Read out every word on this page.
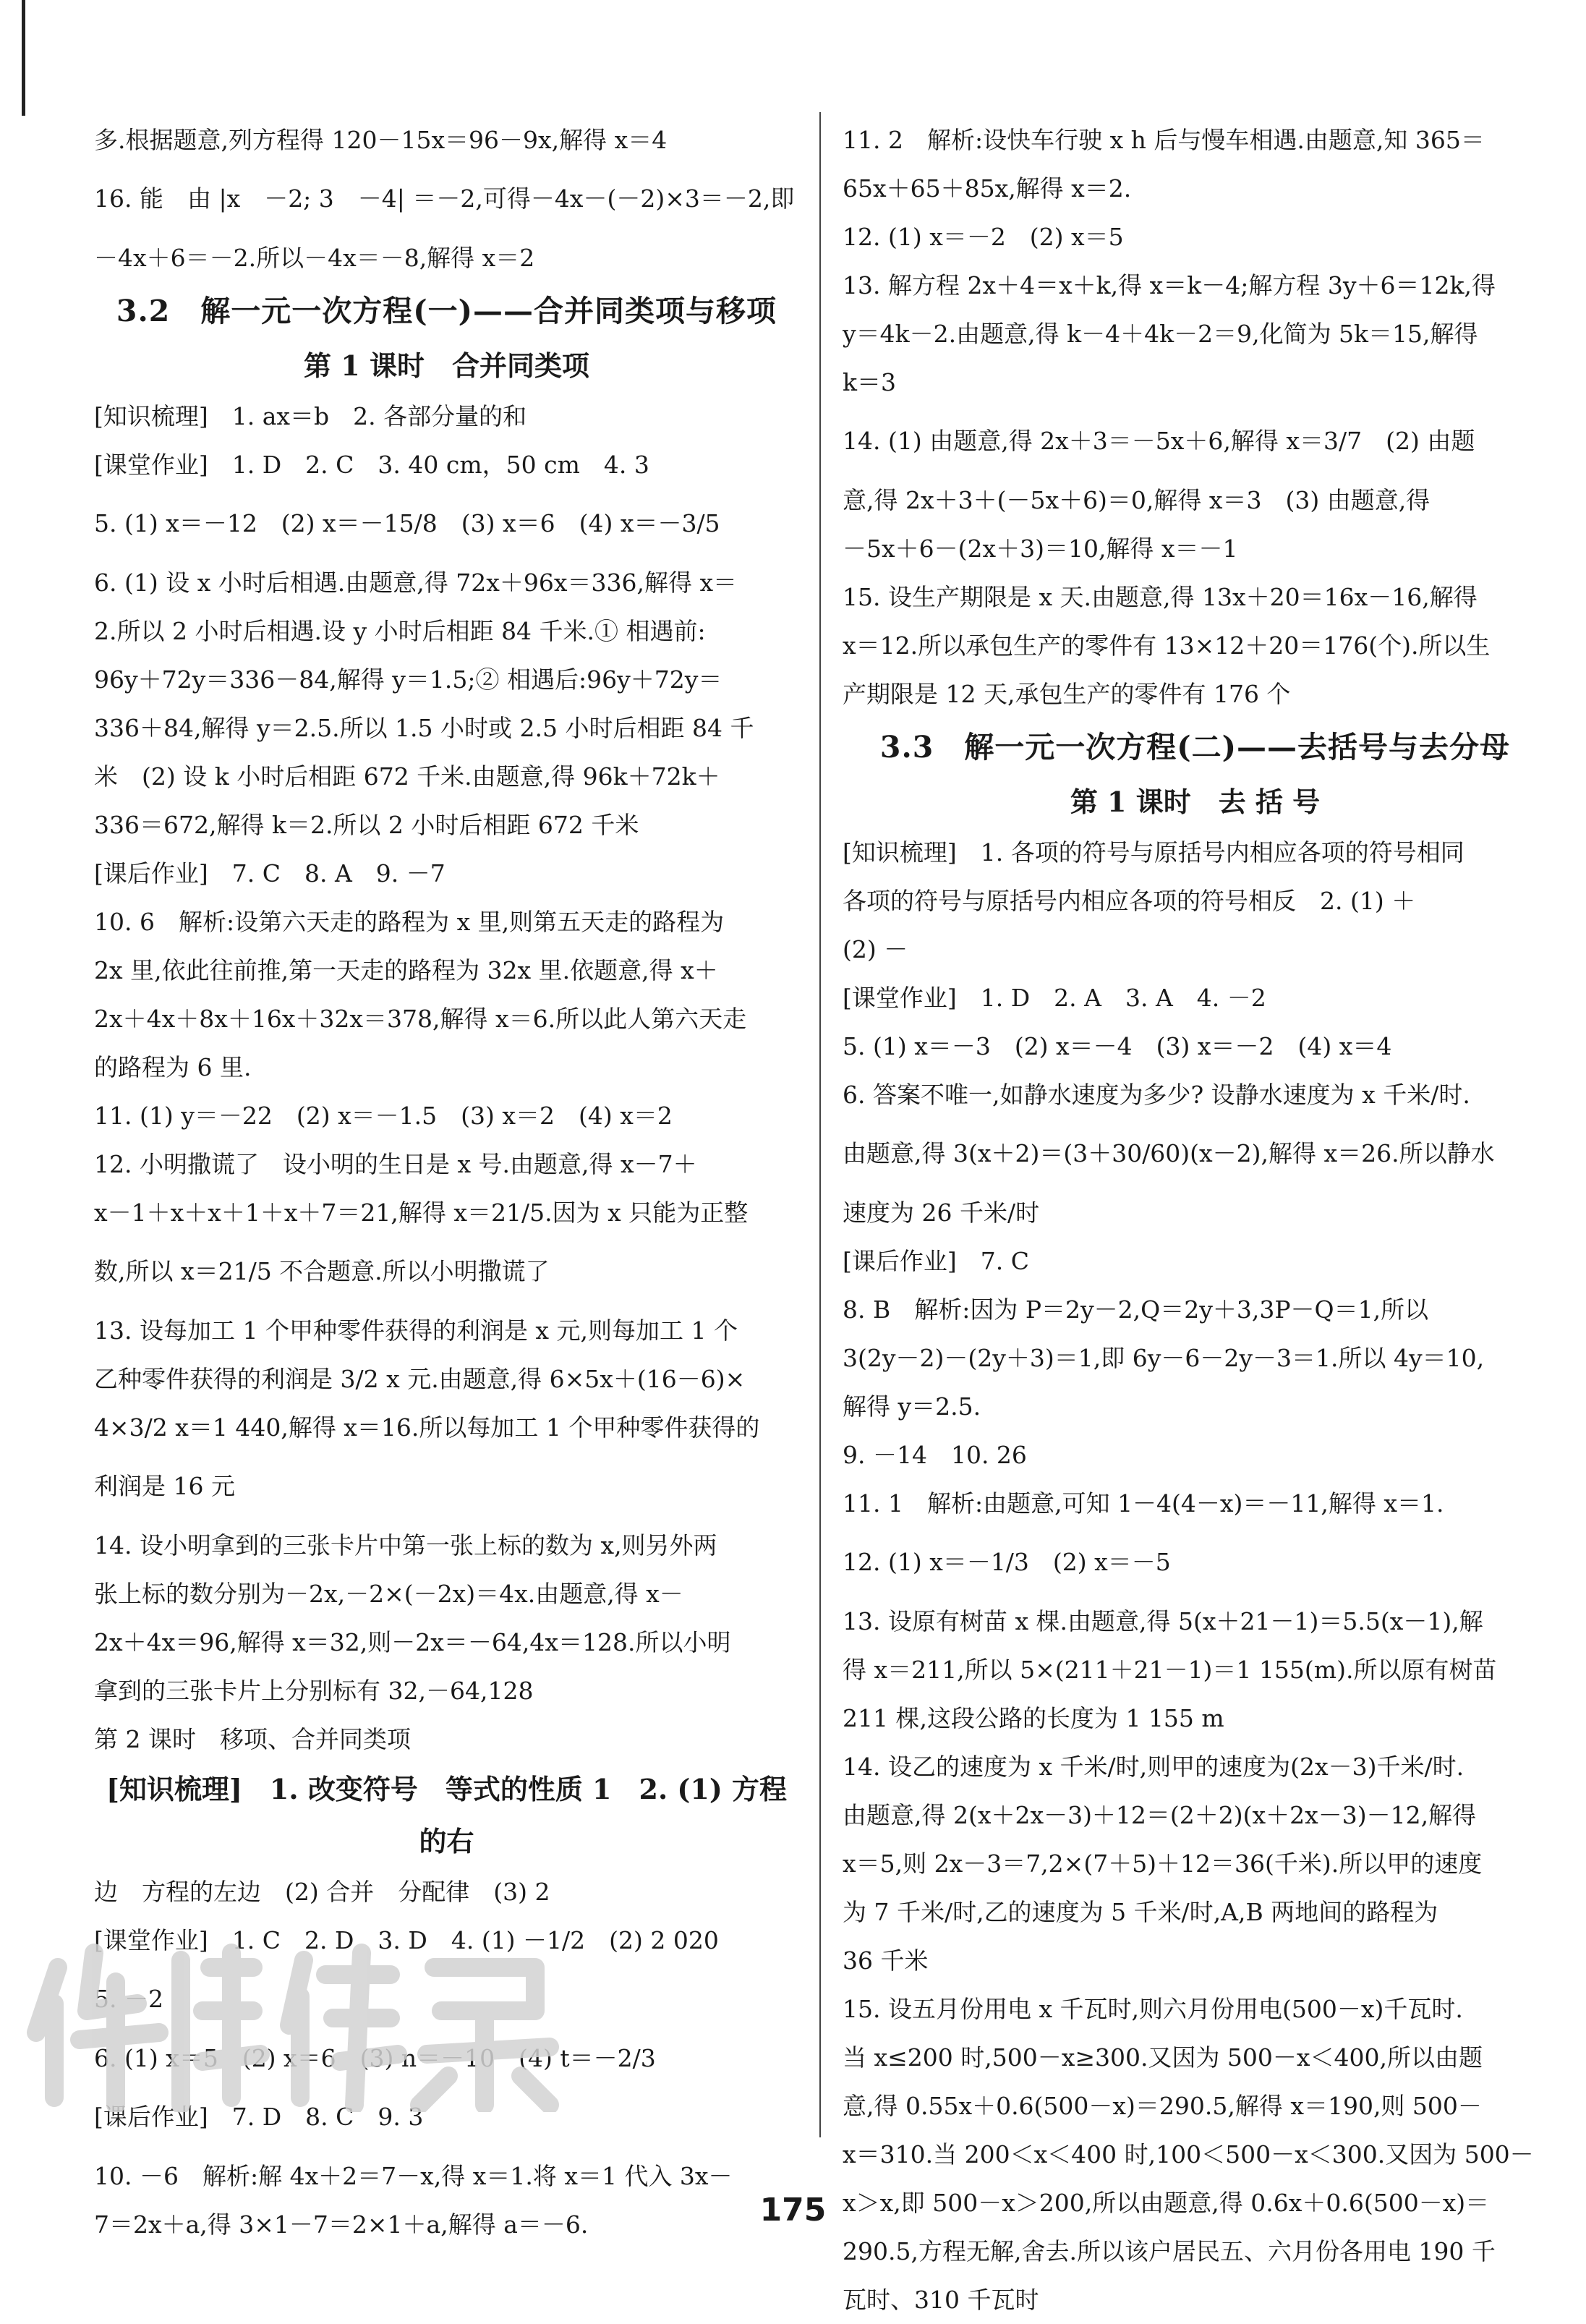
多.根据题意,列方程得 120－15x＝96－9x,解得 x＝4
16. 能　由 |x　－2; 3　－4| ＝－2,可得－4x－(－2)×3＝－2,即
－4x＋6＝－2.所以－4x＝－8,解得 x＝2
3.2　解一元一次方程(一)——合并同类项与移项
第 1 课时　合并同类项
[知识梳理]　1. ax＝b　2. 各部分量的和
[课堂作业]　1. D　2. C　3. 40 cm，50 cm　4. 3
5. (1) x＝－12　(2) x＝－15/8　(3) x＝6　(4) x＝－3/5
6. (1) 设 x 小时后相遇.由题意,得 72x＋96x＝336,解得 x＝
2.所以 2 小时后相遇.设 y 小时后相距 84 千米.① 相遇前:
96y＋72y＝336－84,解得 y＝1.5;② 相遇后:96y＋72y＝
336＋84,解得 y＝2.5.所以 1.5 小时或 2.5 小时后相距 84 千
米　(2) 设 k 小时后相距 672 千米.由题意,得 96k＋72k＋
336＝672,解得 k＝2.所以 2 小时后相距 672 千米
[课后作业]　7. C　8. A　9. －7
10. 6　解析:设第六天走的路程为 x 里,则第五天走的路程为
2x 里,依此往前推,第一天走的路程为 32x 里.依题意,得 x＋
2x＋4x＋8x＋16x＋32x＝378,解得 x＝6.所以此人第六天走
的路程为 6 里.
11. (1) y＝－22　(2) x＝－1.5　(3) x＝2　(4) x＝2
12. 小明撒谎了　设小明的生日是 x 号.由题意,得 x－7＋
x－1＋x＋x＋1＋x＋7＝21,解得 x＝21/5.因为 x 只能为正整
数,所以 x＝21/5 不合题意.所以小明撒谎了
13. 设每加工 1 个甲种零件获得的利润是 x 元,则每加工 1 个
乙种零件获得的利润是 3/2 x 元.由题意,得 6×5x＋(16－6)×
4×3/2 x＝1 440,解得 x＝16.所以每加工 1 个甲种零件获得的
利润是 16 元
14. 设小明拿到的三张卡片中第一张上标的数为 x,则另外两
张上标的数分别为－2x,－2×(－2x)＝4x.由题意,得 x－
2x＋4x＝96,解得 x＝32,则－2x＝－64,4x＝128.所以小明
拿到的三张卡片上分别标有 32,－64,128
第 2 课时　移项、合并同类项
[知识梳理]　1. 改变符号　等式的性质 1　2. (1) 方程的右
边　方程的左边　(2) 合并　分配律　(3) 2
[课堂作业]　1. C　2. D　3. D　4. (1) －1/2　(2) 2 020
5. －2
6. (1) x＝5　(2) x＝6　(3) n＝－10　(4) t＝－2/3
[课后作业]　7. D　8. C　9. 3
10. －6　解析:解 4x＋2＝7－x,得 x＝1.将 x＝1 代入 3x－
7＝2x＋a,得 3×1－7＝2×1＋a,解得 a＝－6.
11. 2　解析:设快车行驶 x h 后与慢车相遇.由题意,知 365＝
65x＋65＋85x,解得 x＝2.
12. (1) x＝－2　(2) x＝5
13. 解方程 2x＋4＝x＋k,得 x＝k－4;解方程 3y＋6＝12k,得
y＝4k－2.由题意,得 k－4＋4k－2＝9,化简为 5k＝15,解得
k＝3
14. (1) 由题意,得 2x＋3＝－5x＋6,解得 x＝3/7　(2) 由题
意,得 2x＋3＋(－5x＋6)＝0,解得 x＝3　(3) 由题意,得
－5x＋6－(2x＋3)＝10,解得 x＝－1
15. 设生产期限是 x 天.由题意,得 13x＋20＝16x－16,解得
x＝12.所以承包生产的零件有 13×12＋20＝176(个).所以生
产期限是 12 天,承包生产的零件有 176 个
3.3　解一元一次方程(二)——去括号与去分母
第 1 课时　去 括 号
[知识梳理]　1. 各项的符号与原括号内相应各项的符号相同
各项的符号与原括号内相应各项的符号相反　2. (1) ＋
(2) －
[课堂作业]　1. D　2. A　3. A　4. －2
5. (1) x＝－3　(2) x＝－4　(3) x＝－2　(4) x＝4
6. 答案不唯一,如静水速度为多少? 设静水速度为 x 千米/时.
由题意,得 3(x＋2)＝(3＋30/60)(x－2),解得 x＝26.所以静水
速度为 26 千米/时
[课后作业]　7. C
8. B　解析:因为 P＝2y－2,Q＝2y＋3,3P－Q＝1,所以
3(2y－2)－(2y＋3)＝1,即 6y－6－2y－3＝1.所以 4y＝10,
解得 y＝2.5.
9. －14　10. 26
11. 1　解析:由题意,可知 1－4(4－x)＝－11,解得 x＝1.
12. (1) x＝－1/3　(2) x＝－5
13. 设原有树苗 x 棵.由题意,得 5(x＋21－1)＝5.5(x－1),解
得 x＝211,所以 5×(211＋21－1)＝1 155(m).所以原有树苗
211 棵,这段公路的长度为 1 155 m
14. 设乙的速度为 x 千米/时,则甲的速度为(2x－3)千米/时.
由题意,得 2(x＋2x－3)＋12＝(2＋2)(x＋2x－3)－12,解得
x＝5,则 2x－3＝7,2×(7＋5)＋12＝36(千米).所以甲的速度
为 7 千米/时,乙的速度为 5 千米/时,A,B 两地间的路程为
36 千米
15. 设五月份用电 x 千瓦时,则六月份用电(500－x)千瓦时.
当 x≤200 时,500－x≥300.又因为 500－x＜400,所以由题
意,得 0.55x＋0.6(500－x)＝290.5,解得 x＝190,则 500－
x＝310.当 200＜x＜400 时,100＜500－x＜300.又因为 500－
x＞x,即 500－x＞200,所以由题意,得 0.6x＋0.6(500－x)＝
290.5,方程无解,舍去.所以该户居民五、六月份各用电 190 千
瓦时、310 千瓦时
175
